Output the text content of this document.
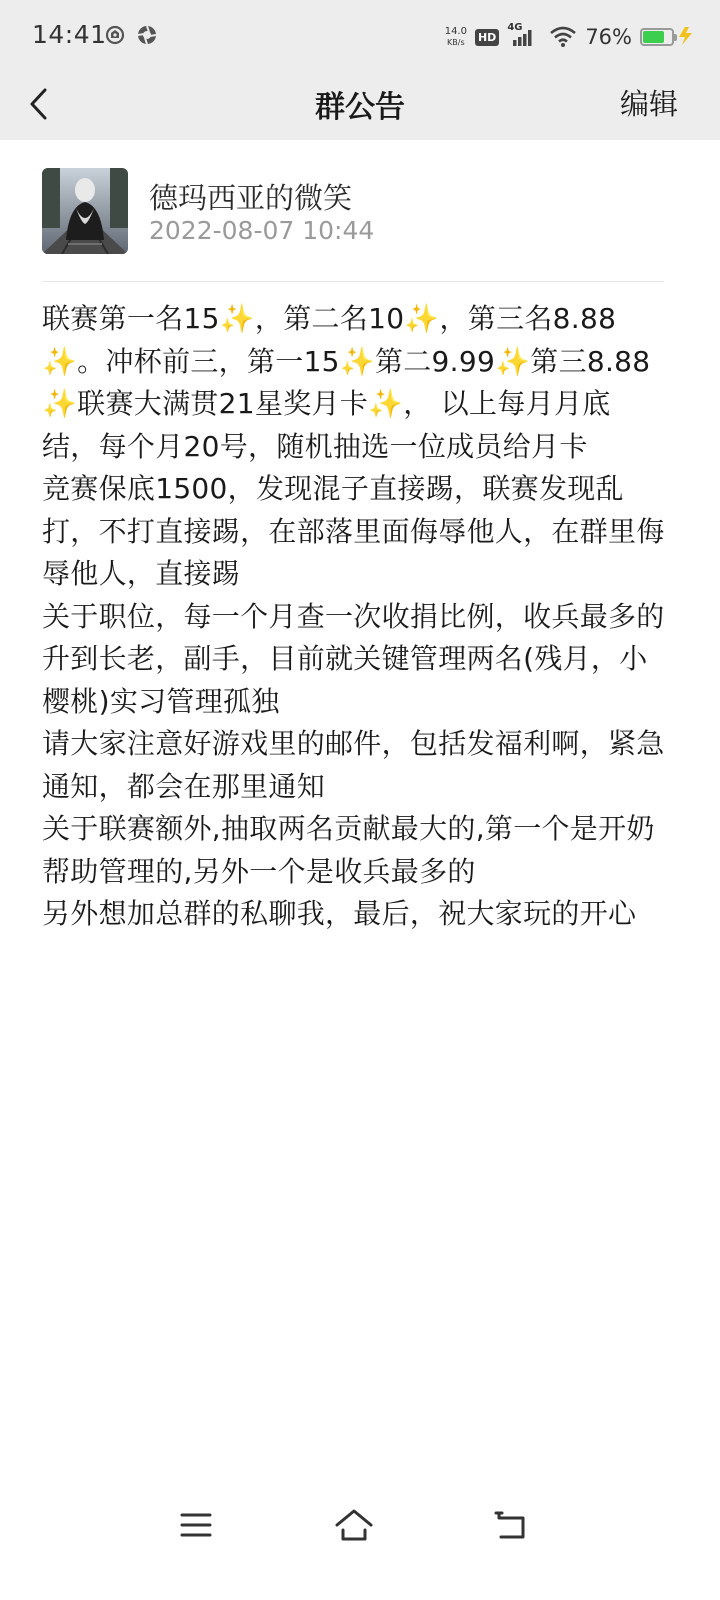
14:41	14.0
KB/s HD
4G	76%
群公告	编辑
德玛西亚的微笑
2022-08-07 10:44
联赛第一名15✨，第二名10✨，第三名8.88✨。冲杯前三，第一15✨第二9.99✨第三8.88✨联赛大满贯21星奖月卡✨， 以上每月月底结，每个月20号，随机抽选一位成员给月卡
竞赛保底1500，发现混子直接踢，联赛发现乱打，不打直接踢，在部落里面侮辱他人，在群里侮辱他人，直接踢
关于职位，每一个月查一次收捐比例，收兵最多的升到长老，副手，目前就关键管理两名(残月，小樱桃)实习管理孤独
请大家注意好游戏里的邮件，包括发福利啊，紧急通知，都会在那里通知
关于联赛额外,抽取两名贡献最大的,第一个是开奶帮助管理的,另外一个是收兵最多的
另外想加总群的私聊我，最后，祝大家玩的开心
